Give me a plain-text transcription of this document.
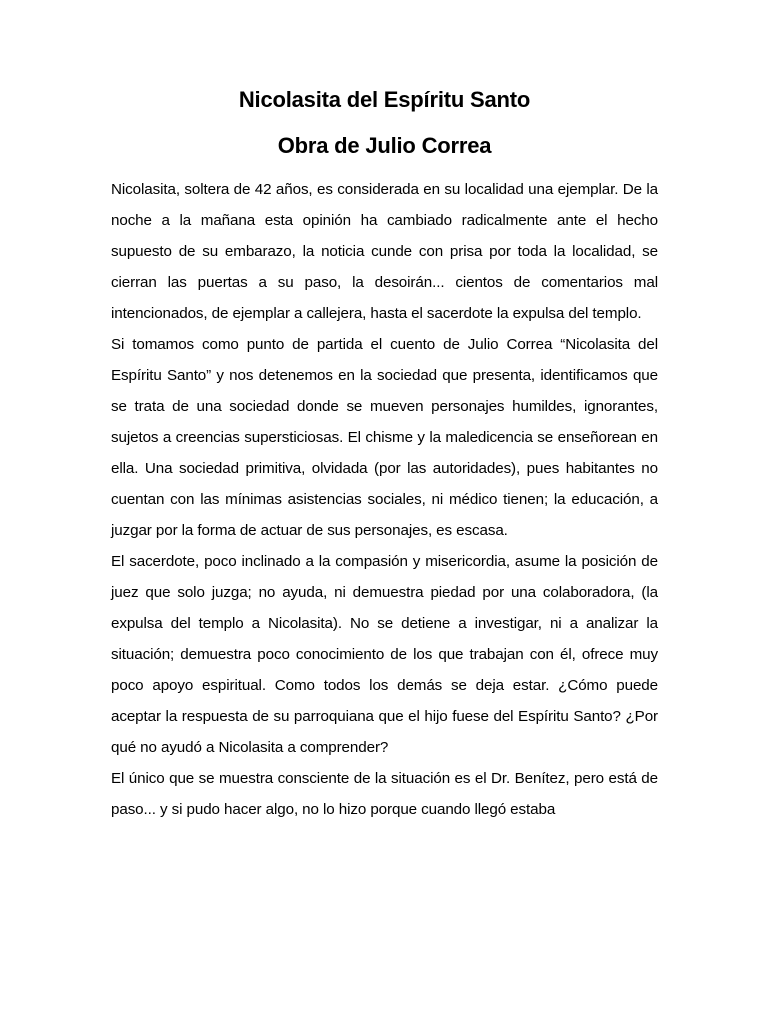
Nicolasita del Espíritu Santo
Obra de Julio Correa

Nicolasita, soltera de 42 años, es considerada en su localidad una ejemplar. De la noche a la mañana esta opinión ha cambiado radicalmente ante el hecho supuesto de su embarazo, la noticia cunde con prisa por toda la localidad, se cierran las puertas a su paso, la desoirán... cientos de comentarios mal intencionados, de ejemplar a callejera, hasta el sacerdote la expulsa del templo.

Si tomamos como punto de partida el cuento de Julio Correa “Nicolasita del Espíritu Santo” y nos detenemos en la sociedad que presenta, identificamos que se trata de una sociedad donde se mueven personajes humildes, ignorantes, sujetos a creencias supersticiosas. El chisme y la maledicencia se enseñorean en ella. Una sociedad primitiva, olvidada (por las autoridades), pues habitantes no cuentan con las mínimas asistencias sociales, ni médico tienen; la educación, a juzgar por la forma de actuar de sus personajes, es escasa.

El sacerdote, poco inclinado a la compasión y misericordia, asume la posición de juez que solo juzga; no ayuda, ni demuestra piedad por una colaboradora, (la expulsa del templo a Nicolasita). No se detiene a investigar, ni a analizar la situación; demuestra poco conocimiento de los que trabajan con él, ofrece muy poco apoyo espiritual. Como todos los demás se deja estar. ¿Cómo puede aceptar la respuesta de su parroquiana que el hijo fuese del Espíritu Santo? ¿Por qué no ayudó a Nicolasita a comprender?

El único que se muestra consciente de la situación es el Dr. Benítez, pero está de paso... y si pudo hacer algo, no lo hizo porque cuando llegó estaba
